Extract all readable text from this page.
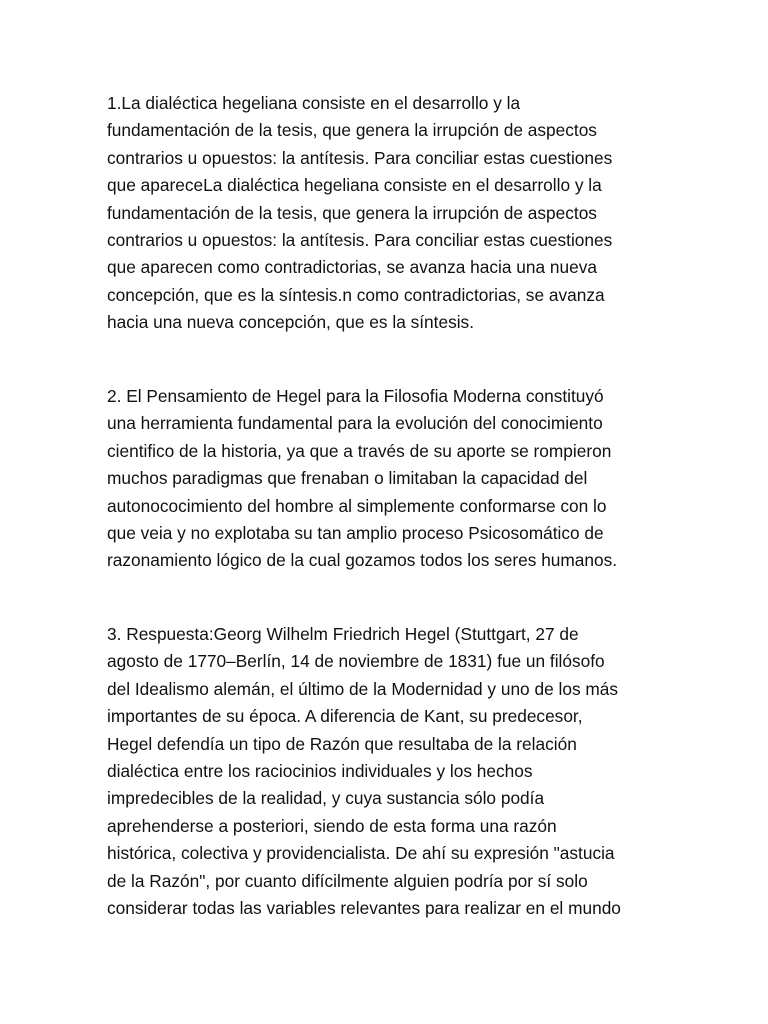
1.La dialéctica hegeliana consiste en el desarrollo y la
fundamentación de la tesis, que genera la irrupción de aspectos
contrarios u opuestos: la antítesis. Para conciliar estas cuestiones
que apareceLa dialéctica hegeliana consiste en el desarrollo y la
fundamentación de la tesis, que genera la irrupción de aspectos
contrarios u opuestos: la antítesis. Para conciliar estas cuestiones
que aparecen como contradictorias, se avanza hacia una nueva
concepción, que es la síntesis.n como contradictorias, se avanza
hacia una nueva concepción, que es la síntesis.
2. El Pensamiento de Hegel para la Filosofia Moderna constituyó
una herramienta fundamental para la evolución del conocimiento
cientifico de la historia, ya que a través de su aporte se rompieron
muchos paradigmas que frenaban o limitaban la capacidad del
autonococimiento del hombre al simplemente conformarse con lo
que veia y no explotaba su tan amplio proceso Psicosomático de
razonamiento lógico de la cual gozamos todos los seres humanos.
3. Respuesta:Georg Wilhelm Friedrich Hegel (Stuttgart, 27 de
agosto de 1770–Berlín, 14 de noviembre de 1831) fue un filósofo
del Idealismo alemán, el último de la Modernidad y uno de los más
importantes de su época. A diferencia de Kant, su predecesor,
Hegel defendía un tipo de Razón que resultaba de la relación
dialéctica entre los raciocinios individuales y los hechos
impredecibles de la realidad, y cuya sustancia sólo podía
aprehenderse a posteriori, siendo de esta forma una razón
histórica, colectiva y providencialista. De ahí su expresión "astucia
de la Razón", por cuanto difícilmente alguien podría por sí solo
considerar todas las variables relevantes para realizar en el mundo
